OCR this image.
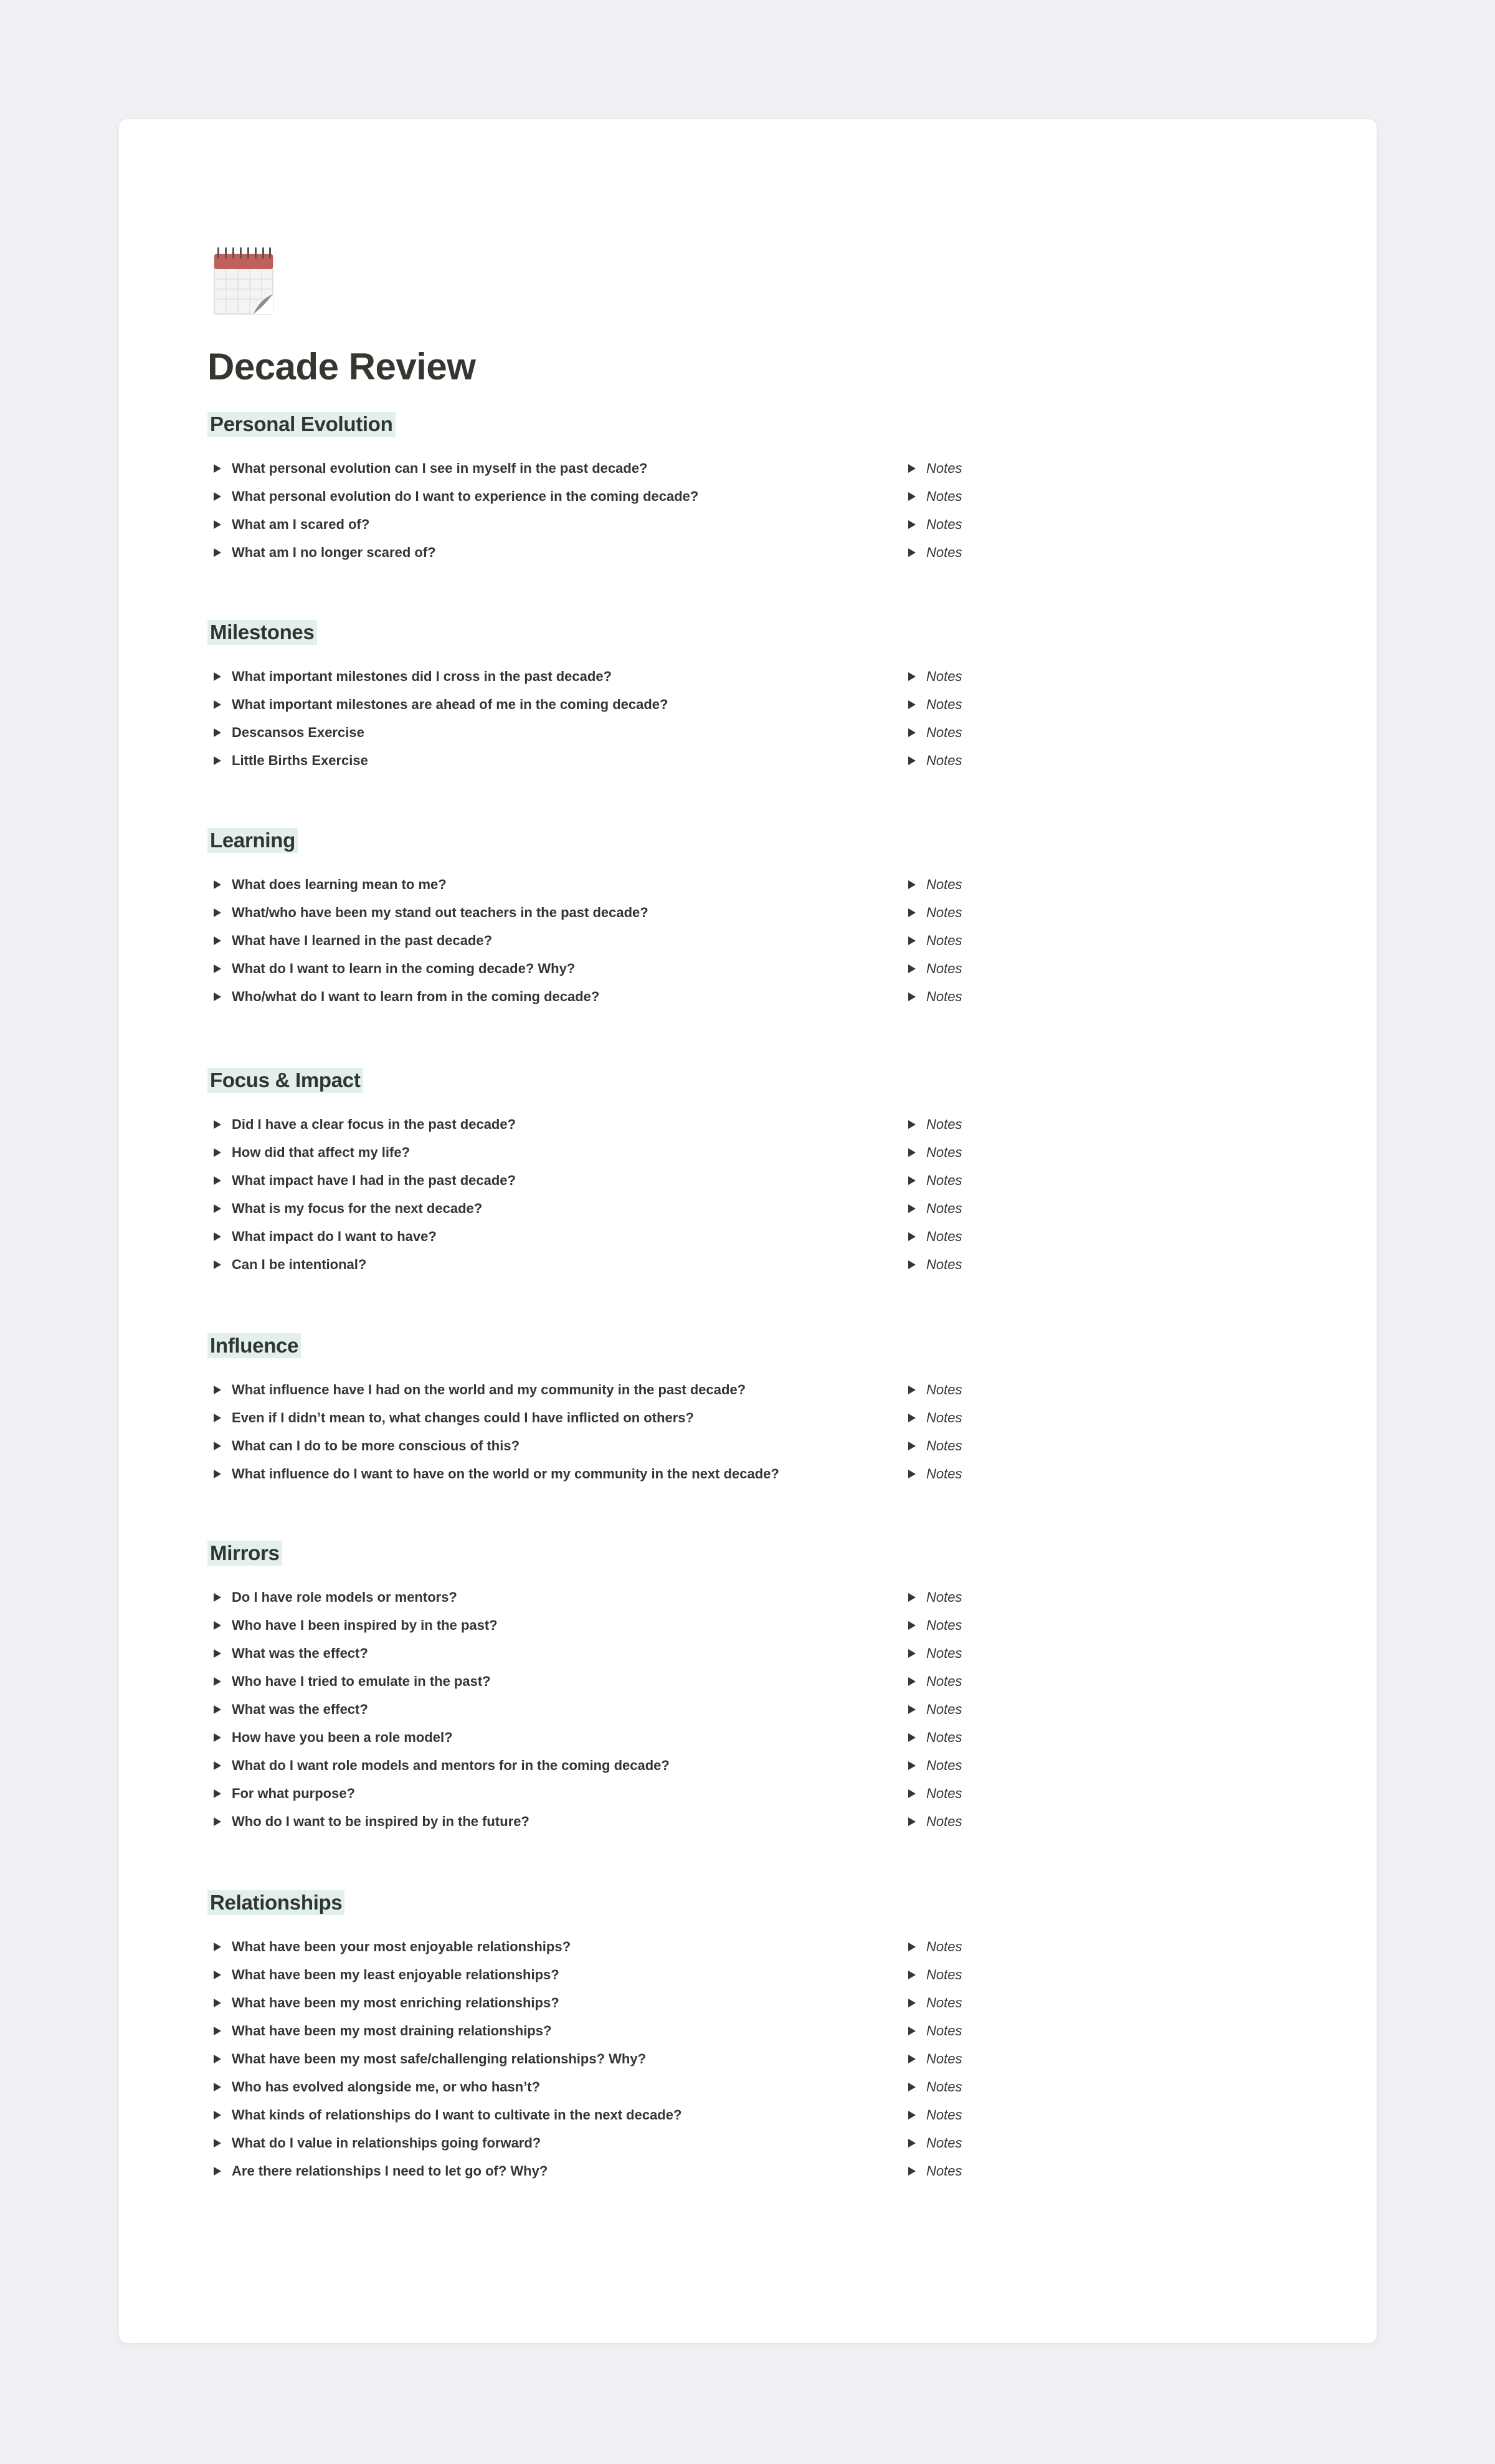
Decade Review
Personal Evolution
What personal evolution can I see in myself in the past decade?	Notes
What personal evolution do I want to experience in the coming decade?	Notes
What am I scared of?	Notes
What am I no longer scared of?	Notes
Milestones
What important milestones did I cross in the past decade?	Notes
What important milestones are ahead of me in the coming decade?	Notes
Descansos Exercise	Notes
Little Births Exercise	Notes
Learning
What does learning mean to me?	Notes
What/who have been my stand out teachers in the past decade?	Notes
What have I learned in the past decade?	Notes
What do I want to learn in the coming decade? Why?	Notes
Who/what do I want to learn from in the coming decade?	Notes
Focus & Impact
Did I have a clear focus in the past decade?	Notes
How did that affect my life?	Notes
What impact have I had in the past decade?	Notes
What is my focus for the next decade?	Notes
What impact do I want to have?	Notes
Can I be intentional?	Notes
Influence
What influence have I had on the world and my community in the past decade?	Notes
Even if I didn’t mean to, what changes could I have inflicted on others?	Notes
What can I do to be more conscious of this?	Notes
What influence do I want to have on the world or my community in the next decade?	Notes
Mirrors
Do I have role models or mentors?	Notes
Who have I been inspired by in the past?	Notes
What was the effect?	Notes
Who have I tried to emulate in the past?	Notes
What was the effect?	Notes
How have you been a role model?	Notes
What do I want role models and mentors for in the coming decade?	Notes
For what purpose?	Notes
Who do I want to be inspired by in the future?	Notes
Relationships
What have been your most enjoyable relationships?	Notes
What have been my least enjoyable relationships?	Notes
What have been my most enriching relationships?	Notes
What have been my most draining relationships?	Notes
What have been my most safe/challenging relationships? Why?	Notes
Who has evolved alongside me, or who hasn’t?	Notes
What kinds of relationships do I want to cultivate in the next decade?	Notes
What do I value in relationships going forward?	Notes
Are there relationships I need to let go of? Why?	Notes
